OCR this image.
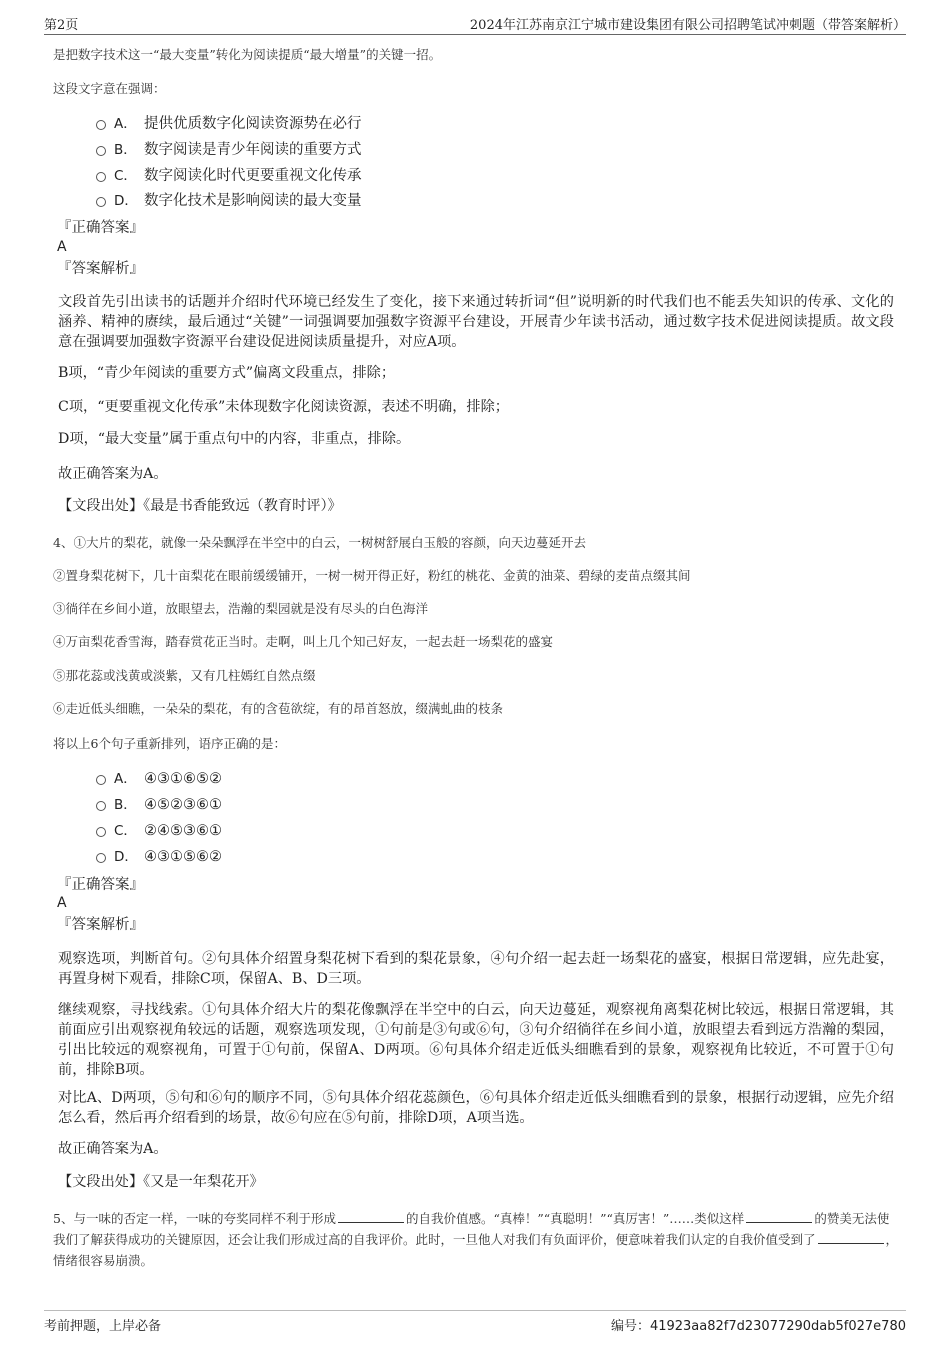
第2页	2024年江苏南京江宁城市建设集团有限公司招聘笔试冲刺题（带答案解析）
是把数字技术这一“最大变量”转化为阅读提质“最大增量”的关键一招。
这段文字意在强调：
A． 提供优质数字化阅读资源势在必行
B． 数字阅读是青少年阅读的重要方式
C． 数字阅读化时代更要重视文化传承
D． 数字化技术是影响阅读的最大变量
『正确答案』
A
『答案解析』
文段首先引出读书的话题并介绍时代环境已经发生了变化，接下来通过转折词“但”说明新的时代我们也不能丢失知识的传承、文化的涵养、精神的赓续，最后通过“关键”一词强调要加强数字资源平台建设，开展青少年读书活动，通过数字技术促进阅读提质。故文段意在强调要加强数字资源平台建设促进阅读质量提升，对应A项。
B项，“青少年阅读的重要方式”偏离文段重点，排除；
C项，“更要重视文化传承”未体现数字化阅读资源，表述不明确，排除；
D项，“最大变量”属于重点句中的内容，非重点，排除。
故正确答案为A。
【文段出处】《最是书香能致远（教育时评）》
4、①大片的梨花，就像一朵朵飘浮在半空中的白云，一树树舒展白玉般的容颜，向天边蔓延开去
②置身梨花树下，几十亩梨花在眼前缓缓铺开，一树一树开得正好，粉红的桃花、金黄的油菜、碧绿的麦苗点缀其间
③徜徉在乡间小道，放眼望去，浩瀚的梨园就是没有尽头的白色海洋
④万亩梨花香雪海，踏春赏花正当时。走啊，叫上几个知己好友，一起去赶一场梨花的盛宴
⑤那花蕊或浅黄或淡紫，又有几柱嫣红自然点缀
⑥走近低头细瞧，一朵朵的梨花，有的含苞欲绽，有的昂首怒放，缀满虬曲的枝条
将以上6个句子重新排列，语序正确的是：
A． ④③①⑥⑤②
B． ④⑤②③⑥①
C． ②④⑤③⑥①
D． ④③①⑤⑥②
『正确答案』
A
『答案解析』
观察选项，判断首句。②句具体介绍置身梨花树下看到的梨花景象，④句介绍一起去赶一场梨花的盛宴，根据日常逻辑，应先赴宴，再置身树下观看，排除C项，保留A、B、D三项。
继续观察，寻找线索。①句具体介绍大片的梨花像飘浮在半空中的白云，向天边蔓延，观察视角离梨花树比较远，根据日常逻辑，其前面应引出观察视角较远的话题，观察选项发现，①句前是③句或⑥句，③句介绍徜徉在乡间小道，放眼望去看到远方浩瀚的梨园，引出比较远的观察视角，可置于①句前，保留A、D两项。⑥句具体介绍走近低头细瞧看到的景象，观察视角比较近，不可置于①句前，排除B项。
对比A、D两项，⑤句和⑥句的顺序不同，⑤句具体介绍花蕊颜色，⑥句具体介绍走近低头细瞧看到的景象，根据行动逻辑，应先介绍怎么看，然后再介绍看到的场景，故⑥句应在⑤句前，排除D项，A项当选。
故正确答案为A。
【文段出处】《又是一年梨花开》
5、与一味的否定一样，一味的夸奖同样不利于形成	的自我价值感。“真棒！”“真聪明！”“真厉害！”……类似这样	的赞美无法使我们了解获得成功的关键原因，还会让我们形成过高的自我评价。此时，一旦他人对我们有负面评价，便意味着我们认定的自我价值受到了	，情绪很容易崩溃。
考前押题，上岸必备	编号：41923aa82f7d23077290dab5f027e780
